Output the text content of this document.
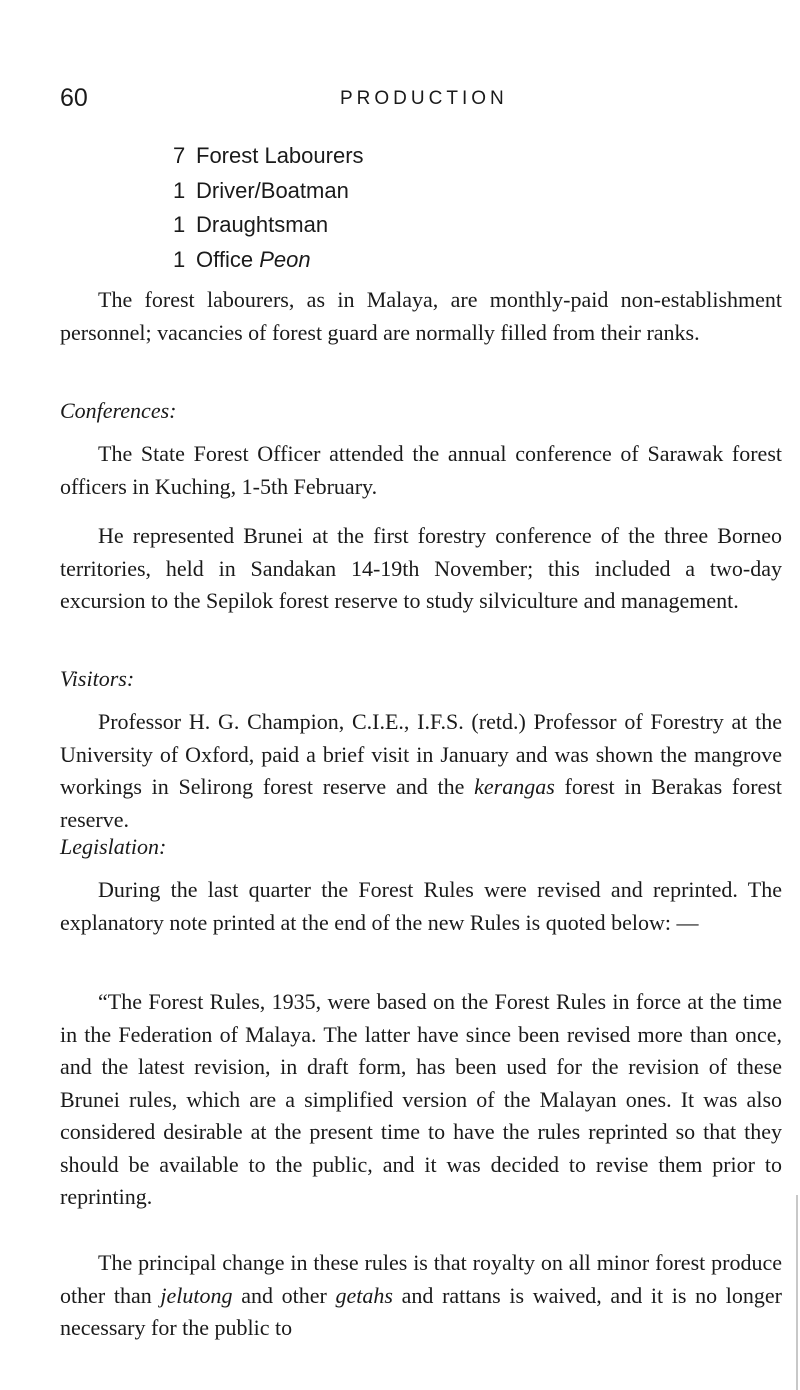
60	PRODUCTION
7 Forest Labourers
1 Driver/Boatman
1 Draughtsman
1 Office Peon

The forest labourers, as in Malaya, are monthly-paid non-establishment personnel; vacancies of forest guard are normally filled from their ranks.

Conferences:

The State Forest Officer attended the annual conference of Sarawak forest officers in Kuching, 1-5th February.

He represented Brunei at the first forestry conference of the three Borneo territories, held in Sandakan 14-19th November; this included a two-day excursion to the Sepilok forest reserve to study silviculture and management.

Visitors:

Professor H. G. Champion, C.I.E., I.F.S. (retd.) Professor of Forestry at the University of Oxford, paid a brief visit in January and was shown the mangrove workings in Selirong forest reserve and the kerangas forest in Berakas forest reserve.

Legislation:

During the last quarter the Forest Rules were revised and reprinted. The explanatory note printed at the end of the new Rules is quoted below: —

“The Forest Rules, 1935, were based on the Forest Rules in force at the time in the Federation of Malaya. The latter have since been revised more than once, and the latest revision, in draft form, has been used for the revision of these Brunei rules, which are a simplified version of the Malayan ones. It was also considered desirable at the present time to have the rules reprinted so that they should be available to the public, and it was decided to revise them prior to reprinting.

The principal change in these rules is that royalty on all minor forest produce other than jelutong and other getahs and rattans is waived, and it is no longer necessary for the public to
